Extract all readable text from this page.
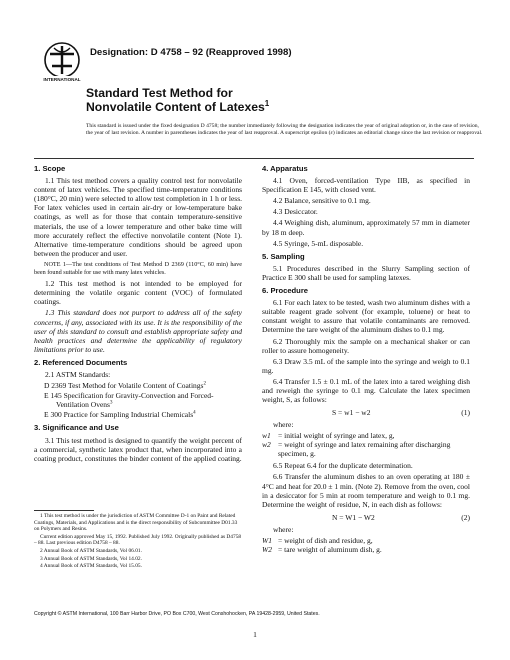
INTERNATIONAL
Designation: D 4758 – 92 (Reapproved 1998)
Standard Test Method for
Nonvolatile Content of Latexes$^1$
This standard is issued under the fixed designation D 4758; the number immediately following the designation indicates the year of original adoption or, in the case of revision, the year of last revision. A number in parentheses indicates the year of last reapproval. A superscript epsilon (ε) indicates an editorial change since the last revision or reapproval.
1. Scope

1.1 This test method covers a quality control test for nonvolatile content of latex vehicles. The specified time-temperature conditions (180°C, 20 min) were selected to allow test completion in 1 h or less. For latex vehicles used in certain air-dry or low-temperature bake coatings, as well as for those that contain temperature-sensitive materials, the use of a lower temperature and other bake time will more accurately reflect the effective nonvolatile content (Note 1). Alternative time-temperature conditions should be agreed upon between the producer and user.

NOTE 1—The test conditions of Test Method D 2369 (110°C, 60 min) have been found suitable for use with many latex vehicles.

1.2 This test method is not intended to be employed for determining the volatile organic content (VOC) of formulated coatings.

1.3 This standard does not purport to address all of the safety concerns, if any, associated with its use. It is the responsibility of the user of this standard to consult and establish appropriate safety and health practices and determine the applicability of regulatory limitations prior to use.

2. Referenced Documents

2.1 ASTM Standards:

D 2369 Test Method for Volatile Content of Coatings$^2$

E 145 Specification for Gravity-Convection and Forced-Ventilation Ovens$^3$

E 300 Practice for Sampling Industrial Chemicals$^4$

3. Significance and Use

3.1 This test method is designed to quantify the weight percent of a commercial, synthetic latex product that, when incorporated into a coating product, constitutes the binder content of the applied coating.

1 This test method is under the jurisdiction of ASTM Committee D-1 on Paint and Related Coatings, Materials, and Applications and is the direct responsibility of Subcommittee D01.33 on Polymers and Resins.

Current edition approved May 15, 1992. Published July 1992. Originally published as D4758 – 88. Last previous edition D4758 – 88.

2 Annual Book of ASTM Standards, Vol 06.01.

3 Annual Book of ASTM Standards, Vol 14.02.

4 Annual Book of ASTM Standards, Vol 15.05.

4. Apparatus

4.1 Oven, forced-ventilation Type IIB, as specified in Specification E 145, with closed vent.

4.2 Balance, sensitive to 0.1 mg.

4.3 Desiccator.

4.4 Weighing dish, aluminum, approximately 57 mm in diameter by 18 m deep.

4.5 Syringe, 5-mL disposable.

5. Sampling

5.1 Procedures described in the Slurry Sampling section of Practice E 300 shall be used for sampling latexes.

6. Procedure

6.1 For each latex to be tested, wash two aluminum dishes with a suitable reagent grade solvent (for example, toluene) or heat to constant weight to assure that volatile contaminants are removed. Determine the tare weight of the aluminum dishes to 0.1 mg.

6.2 Thoroughly mix the sample on a mechanical shaker or can roller to assure homogeneity.

6.3 Draw 3.5 mL of the sample into the syringe and weigh to 0.1 mg.

6.4 Transfer 1.5 ± 0.1 mL of the latex into a tared weighing dish and reweigh the syringe to 0.1 mg. Calculate the latex specimen weight, S, as follows:

S = w1 − w2	(1)

where:

w1 = initial weight of syringe and latex, g,
w2 = weight of syringe and latex remaining after discharging specimen, g.

6.5 Repeat 6.4 for the duplicate determination.

6.6 Transfer the aluminum dishes to an oven operating at 180 ± 4°C and heat for 20.0 ± 1 min. (Note 2). Remove from the oven, cool in a desiccator for 5 min at room temperature and weigh to 0.1 mg. Determine the weight of residue, N, in each dish as follows:

N = W1 − W2	(2)

where:

W1 = weight of dish and residue, g,
W2 = tare weight of aluminum dish, g.
Copyright © ASTM International, 100 Barr Harbor Drive, PO Box C700, West Conshohocken, PA 19428-2959, United States.
1
